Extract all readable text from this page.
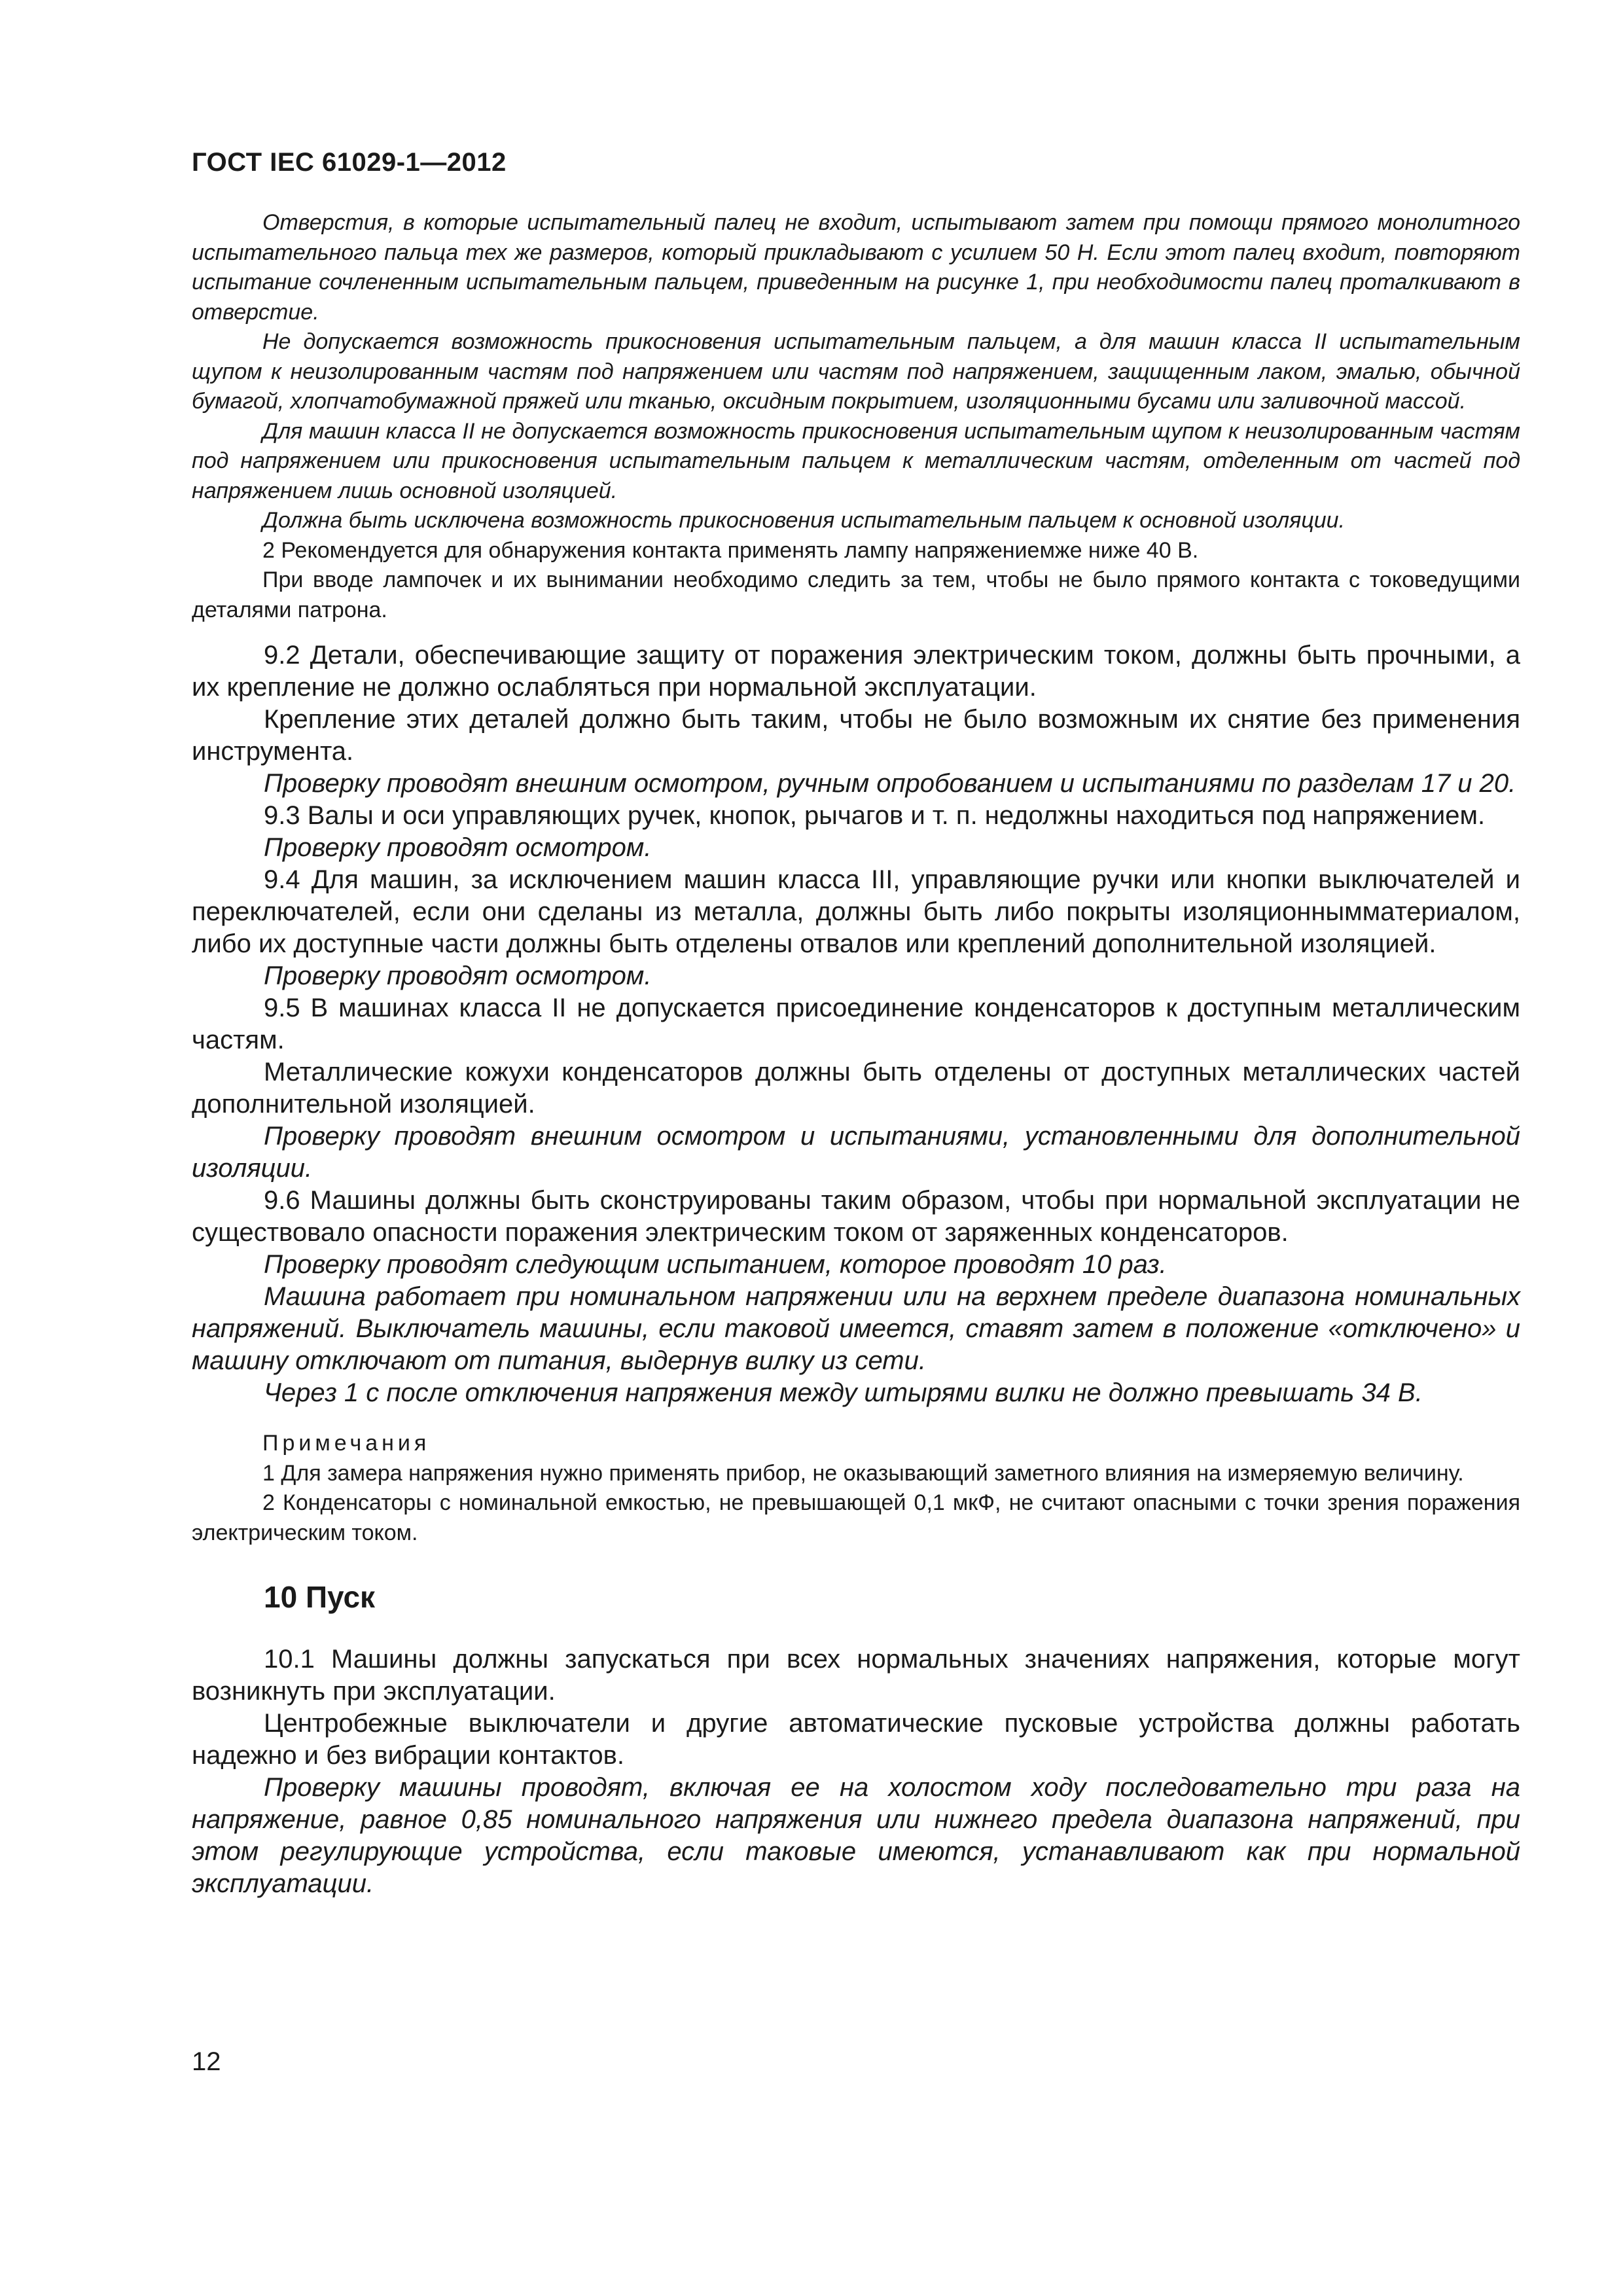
ГОСТ IEC 61029-1—2012
Отверстия, в которые испытательный палец не входит, испытывают затем при помощи прямого монолитного испытательного пальца тех же размеров, который прикладывают с усилием 50 Н. Если этот палец входит, повторяют испытание сочлененным испытательным пальцем, приведенным на рисунке 1, при необходимости палец проталкивают в отверстие.
Не допускается возможность прикосновения испытательным пальцем, а для машин класса II испытательным щупом к неизолированным частям под напряжением или частям под напряжением, защищенным лаком, эмалью, обычной бумагой, хлопчатобумажной пряжей или тканью, оксидным покрытием, изоляционными бусами или заливочной массой.
Для машин класса II не допускается возможность прикосновения испытательным щупом к неизолированным частям под напряжением или прикосновения испытательным пальцем к металлическим частям, отделенным от частей под напряжением лишь основной изоляцией.
Должна быть исключена возможность прикосновения испытательным пальцем к основной изоляции.
2 Рекомендуется для обнаружения контакта применять лампу напряжениемже ниже 40 В.
При вводе лампочек и их вынимании необходимо следить за тем, чтобы не было прямого контакта с токоведущими деталями патрона.
9.2 Детали, обеспечивающие защиту от поражения электрическим током, должны быть прочными, а их крепление не должно ослабляться при нормальной эксплуатации.
Крепление этих деталей должно быть таким, чтобы не было возможным их снятие без применения инструмента.
Проверку проводят внешним осмотром, ручным опробованием и испытаниями по разделам 17 и 20.
9.3 Валы и оси управляющих ручек, кнопок, рычагов и т. п. недолжны находиться под напряжением.
Проверку проводят осмотром.
9.4 Для машин, за исключением машин класса III, управляющие ручки или кнопки выключателей и переключателей, если они сделаны из металла, должны быть либо покрыты изоляционныммaтериалом, либо их доступные части должны быть отделены отвалов или креплений дополнительной изоляцией.
Проверку проводят осмотром.
9.5 В машинах класса II не допускается присоединение конденсаторов к доступным металлическим частям.
Металлические кожухи конденсаторов должны быть отделены от доступных металлических частей дополнительной изоляцией.
Проверку проводят внешним осмотром и испытаниями, установленными для дополнительной изоляции.
9.6 Машины должны быть сконструированы таким образом, чтобы при нормальной эксплуатации не существовало опасности поражения электрическим током от заряженных конденсаторов.
Проверку проводят следующим испытанием, которое проводят 10 раз.
Машина работает при номинальном напряжении или на верхнем пределе диапазона номинальных напряжений. Выключатель машины, если таковой имеется, ставят затем в положение «отключено» и машину отключают от питания, выдернув вилку из сети.
Через 1 с после отключения напряжения между штырями вилки не должно превышать 34 В.
Примечания
1 Для замера напряжения нужно применять прибор, не оказывающий заметного влияния на измеряемую величину.
2 Конденсаторы с номинальной емкостью, не превышающей 0,1 мкФ, не считают опасными с точки зрения поражения электрическим током.
10 Пуск
10.1 Машины должны запускаться при всех нормальных значениях напряжения, которые могут возникнуть при эксплуатации.
Центробежные выключатели и другие автоматические пусковые устройства должны работать надежно и без вибрации контактов.
Проверку машины проводят, включая ее на холостом ходу последовательно три раза на напряжение, равное 0,85 номинального напряжения или нижнего предела диапазона напряжений, при этом регулирующие устройства, если таковые имеются, устанавливают как при нормальной эксплуатации.
12
